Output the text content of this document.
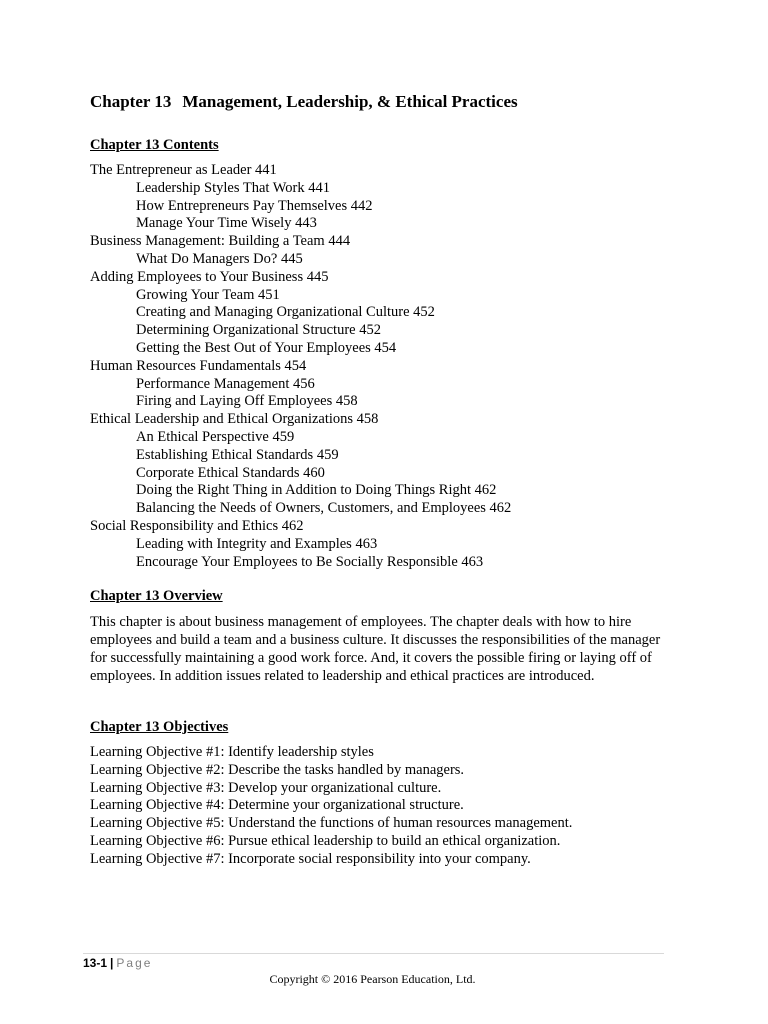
Chapter 13 Management, Leadership, & Ethical Practices
Chapter 13 Contents
The Entrepreneur as Leader 441
Leadership Styles That Work 441
How Entrepreneurs Pay Themselves 442
Manage Your Time Wisely 443
Business Management: Building a Team 444
What Do Managers Do? 445
Adding Employees to Your Business 445
Growing Your Team 451
Creating and Managing Organizational Culture 452
Determining Organizational Structure 452
Getting the Best Out of Your Employees 454
Human Resources Fundamentals 454
Performance Management 456
Firing and Laying Off Employees 458
Ethical Leadership and Ethical Organizations 458
An Ethical Perspective 459
Establishing Ethical Standards 459
Corporate Ethical Standards 460
Doing the Right Thing in Addition to Doing Things Right 462
Balancing the Needs of Owners, Customers, and Employees 462
Social Responsibility and Ethics 462
Leading with Integrity and Examples 463
Encourage Your Employees to Be Socially Responsible 463
Chapter 13 Overview
This chapter is about business management of employees. The chapter deals with how to hire employees and build a team and a business culture. It discusses the responsibilities of the manager for successfully maintaining a good work force. And, it covers the possible firing or laying off of employees. In addition issues related to leadership and ethical practices are introduced.
Chapter 13 Objectives
Learning Objective #1: Identify leadership styles
Learning Objective #2: Describe the tasks handled by managers.
Learning Objective #3: Develop your organizational culture.
Learning Objective #4: Determine your organizational structure.
Learning Objective #5: Understand the functions of human resources management.
Learning Objective #6: Pursue ethical leadership to build an ethical organization.
Learning Objective #7: Incorporate social responsibility into your company.
13-1 | Page
Copyright © 2016 Pearson Education, Ltd.
